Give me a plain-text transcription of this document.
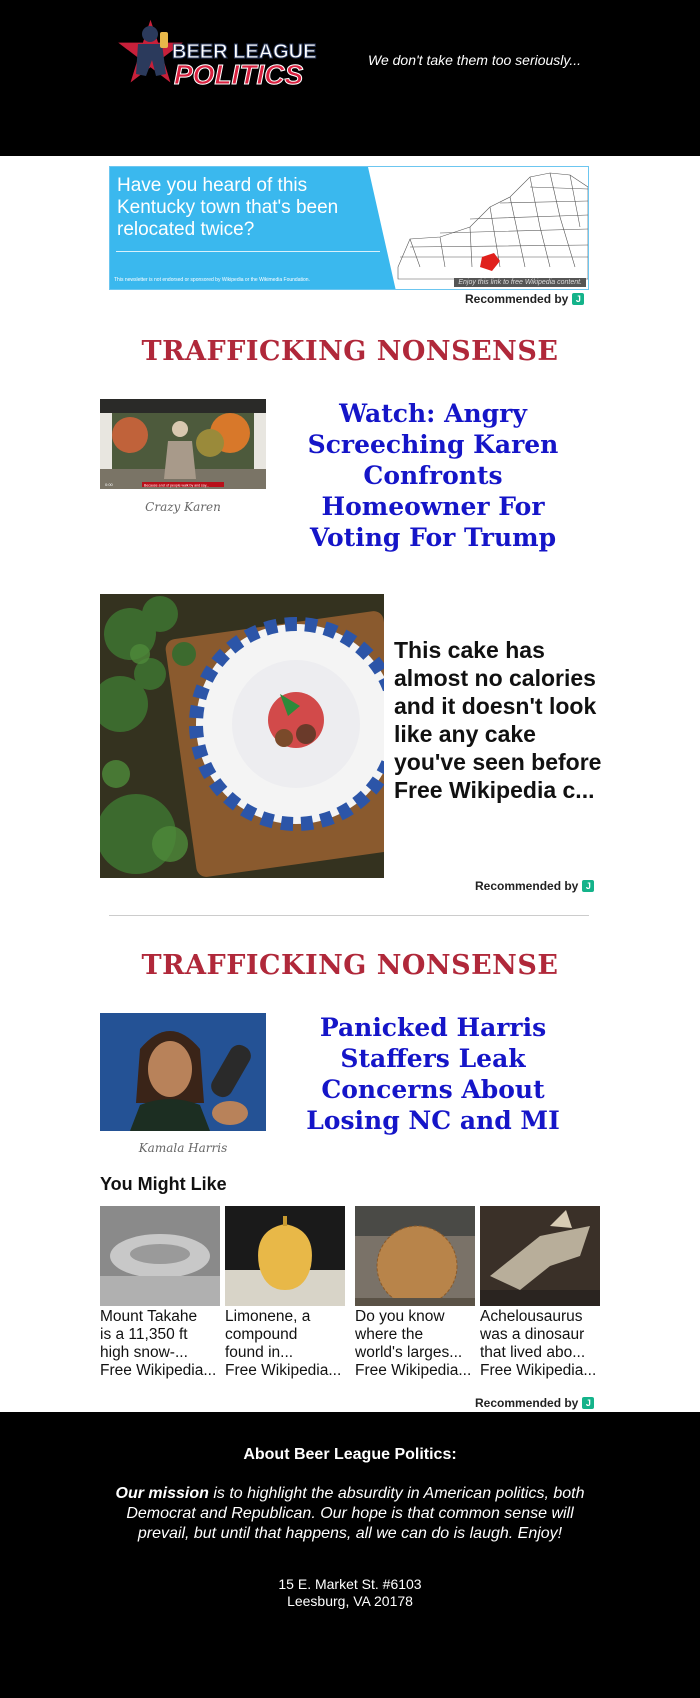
BEER LEAGUE
POLITICS	We don't take them too seriously...
Have you heard of this Kentucky town that's been relocated twice?
This newsletter is not endorsed or sponsored by Wikipedia or the Wikimedia Foundation.	Enjoy this link to free Wikipedia content.
Recommended by J
TRAFFICKING NONSENSE
Because a lot of people walk by and say...
0:00
Crazy Karen
Watch: Angry Screeching Karen Confronts Homeowner For Voting For Trump
This cake has almost no calories and it doesn't look like any cake you've seen before Free Wikipedia c...
Recommended by J
TRAFFICKING NONSENSE
Kamala Harris
Panicked Harris Staffers Leak Concerns About Losing NC and MI
You Might Like
Mount Takahe
is a 11,350 ft
high snow-...
Free Wikipedia...
Limonene, a
compound
found in...
Free Wikipedia...
Do you know
where the
world's larges...
Free Wikipedia...
Achelousaurus
was a dinosaur
that lived abo...
Free Wikipedia...
Recommended by J
About Beer League Politics:
Our mission is to highlight the absurdity in American politics, both Democrat and Republican. Our hope is that common sense will prevail, but until that happens, all we can do is laugh. Enjoy!
15 E. Market St. #6103
Leesburg, VA 20178
